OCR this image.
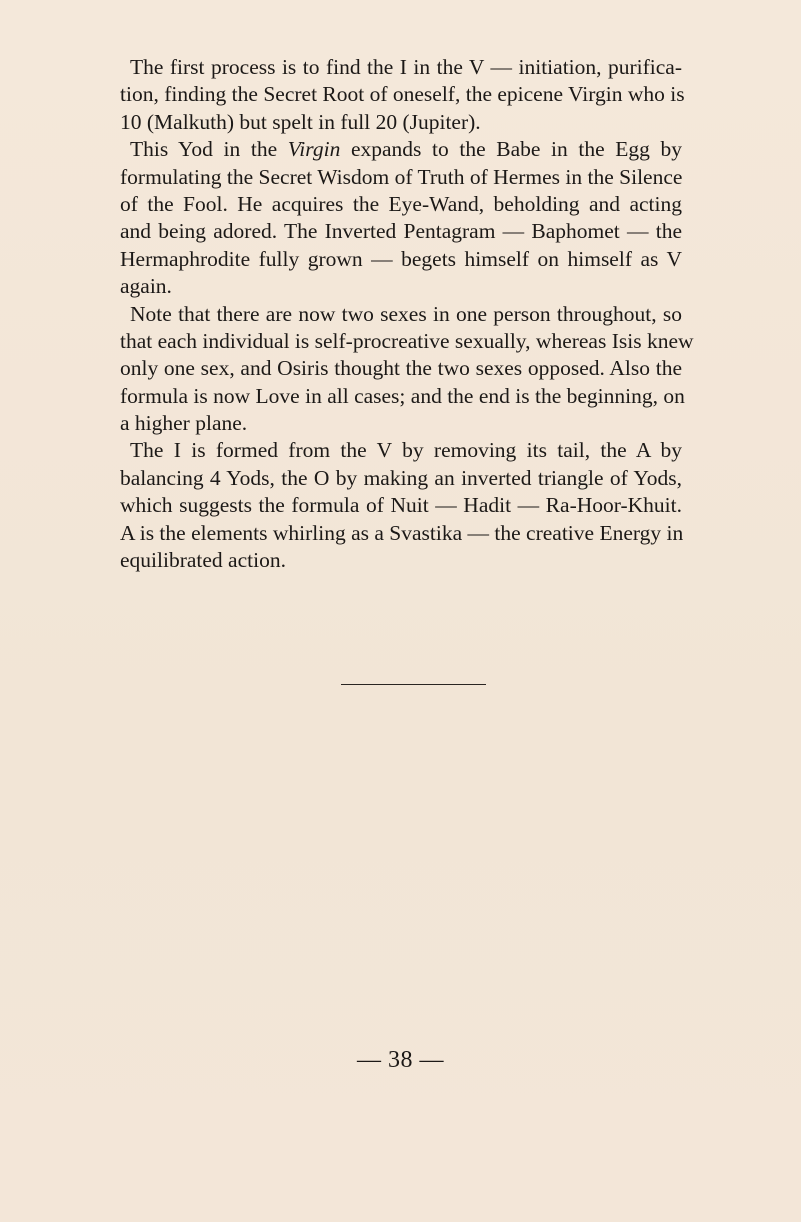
The first process is to find the I in the V — initiation, purifica-
tion, finding the Secret Root of oneself, the epicene Virgin who is
10 (Malkuth) but spelt in full 20 (Jupiter).
This Yod in the Virgin expands to the Babe in the Egg by
formulating the Secret Wisdom of Truth of Hermes in the Silence
of the Fool. He acquires the Eye-Wand, beholding and acting
and being adored. The Inverted Pentagram — Baphomet — the
Hermaphrodite fully grown — begets himself on himself as V
again.
Note that there are now two sexes in one person throughout, so
that each individual is self-procreative sexually, whereas Isis knew
only one sex, and Osiris thought the two sexes opposed. Also the
formula is now Love in all cases; and the end is the beginning, on
a higher plane.
The I is formed from the V by removing its tail, the A by
balancing 4 Yods, the O by making an inverted triangle of Yods,
which suggests the formula of Nuit — Hadit — Ra-Hoor-Khuit.
A is the elements whirling as a Svastika — the creative Energy in
equilibrated action.
— 38 —
